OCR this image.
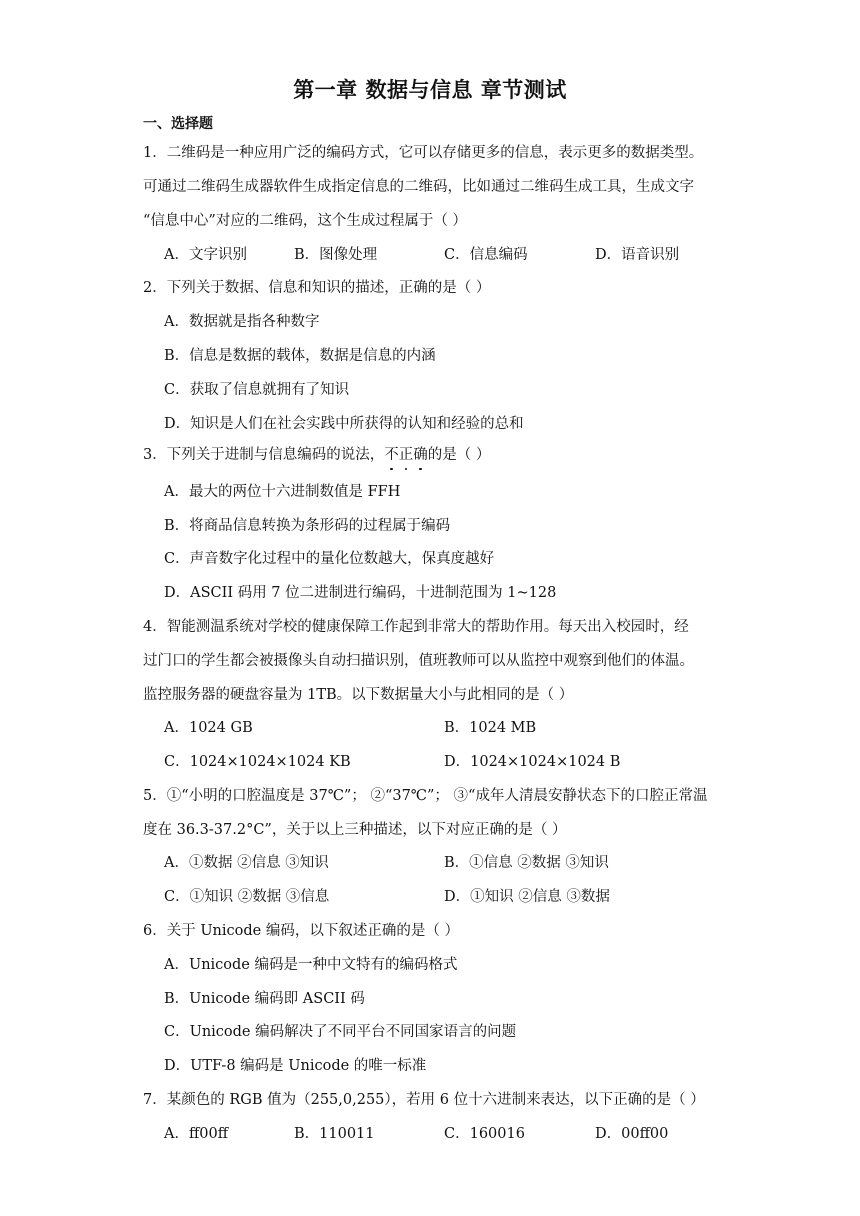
第一章 数据与信息 章节测试
一、选择题
1．二维码是一种应用广泛的编码方式，它可以存储更多的信息，表示更多的数据类型。
可通过二维码生成器软件生成指定信息的二维码，比如通过二维码生成工具，生成文字
“信息中心”对应的二维码，这个生成过程属于（ ）
A．文字识别	B．图像处理	C．信息编码	D．语音识别
2．下列关于数据、信息和知识的描述，正确的是（ ）
A．数据就是指各种数字
B．信息是数据的载体，数据是信息的内涵
C．获取了信息就拥有了知识
D．知识是人们在社会实践中所获得的认知和经验的总和
3．下列关于进制与信息编码的说法，不正确的是（ ）
A．最大的两位十六进制数值是 FFH
B．将商品信息转换为条形码的过程属于编码
C．声音数字化过程中的量化位数越大，保真度越好
D．ASCII 码用 7 位二进制进行编码，十进制范围为 1~128
4．智能测温系统对学校的健康保障工作起到非常大的帮助作用。每天出入校园时，经
过门口的学生都会被摄像头自动扫描识别，值班教师可以从监控中观察到他们的体温。
监控服务器的硬盘容量为 1TB。以下数据量大小与此相同的是（ ）
A．1024 GB	B．1024 MB
C．1024×1024×1024 KB	D．1024×1024×1024 B
5．①“小明的口腔温度是 37℃”； ②“37℃”； ③“成年人清晨安静状态下的口腔正常温
度在 36.3-37.2°C”，关于以上三种描述，以下对应正确的是（ ）
A．①数据 ②信息 ③知识	B．①信息 ②数据 ③知识
C．①知识 ②数据 ③信息	D．①知识 ②信息 ③数据
6．关于 Unicode 编码，以下叙述正确的是（ ）
A．Unicode 编码是一种中文特有的编码格式
B．Unicode 编码即 ASCII 码
C．Unicode 编码解决了不同平台不同国家语言的问题
D．UTF-8 编码是 Unicode 的唯一标准
7．某颜色的 RGB 值为（255,0,255），若用 6 位十六进制来表达，以下正确的是（ ）
A．ff00ff	B．110011	C．160016	D．00ff00
